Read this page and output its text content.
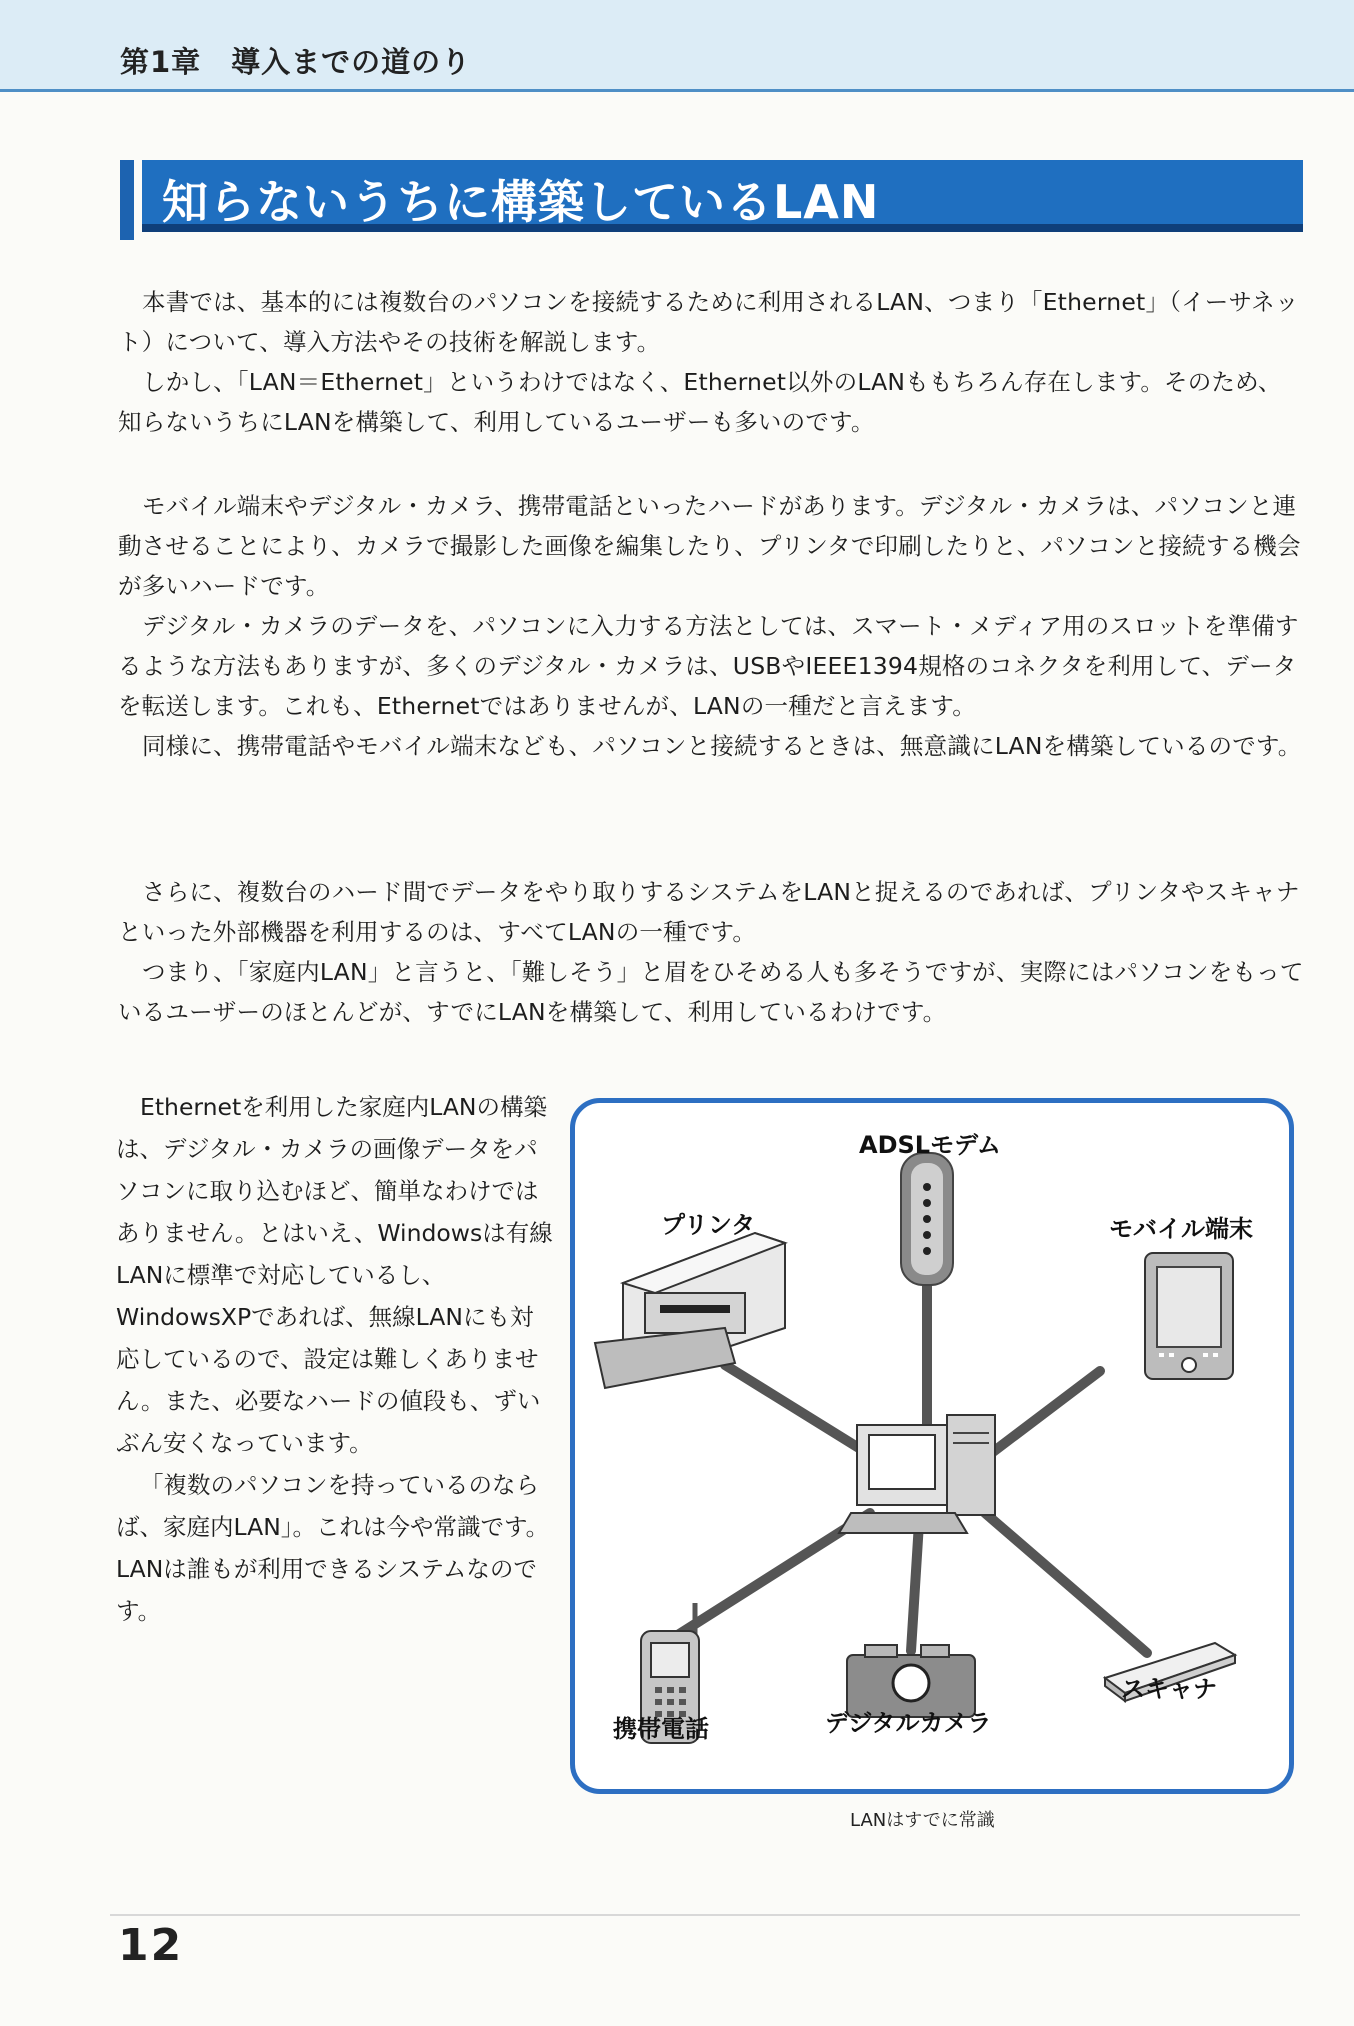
第1章　導入までの道のり
知らないうちに構築しているLAN

本書では、基本的には複数台のパソコンを接続するために利用されるLAN、つまり「Ethernet」（イーサネット）について、導入方法やその技術を解説します。

しかし、「LAN＝Ethernet」というわけではなく、Ethernet以外のLANももちろん存在します。そのため、知らないうちにLANを構築して、利用しているユーザーも多いのです。

モバイル端末やデジタル・カメラ、携帯電話といったハードがあります。デジタル・カメラは、パソコンと連動させることにより、カメラで撮影した画像を編集したり、プリンタで印刷したりと、パソコンと接続する機会が多いハードです。

デジタル・カメラのデータを、パソコンに入力する方法としては、スマート・メディア用のスロットを準備するような方法もありますが、多くのデジタル・カメラは、USBやIEEE1394規格のコネクタを利用して、データを転送します。これも、Ethernetではありませんが、LANの一種だと言えます。

同様に、携帯電話やモバイル端末なども、パソコンと接続するときは、無意識にLANを構築しているのです。

さらに、複数台のハード間でデータをやり取りするシステムをLANと捉えるのであれば、プリンタやスキャナといった外部機器を利用するのは、すべてLANの一種です。

つまり、「家庭内LAN」と言うと、「難しそう」と眉をひそめる人も多そうですが、実際にはパソコンをもっているユーザーのほとんどが、すでにLANを構築して、利用しているわけです。

Ethernetを利用した家庭内LANの構築は、デジタル・カメラの画像データをパソコンに取り込むほど、簡単なわけではありません。とはいえ、Windowsは有線LANに標準で対応しているし、WindowsXPであれば、無線LANにも対応しているので、設定は難しくありません。また、必要なハードの値段も、ずいぶん安くなっています。

「複数のパソコンを持っているのならば、家庭内LAN」。これは今や常識です。LANは誰もが利用できるシステムなのです。

ADSLモデム
プリンタ	モバイル端末
携帯電話	デジタルカメラ
スキャナ
LANはすでに常識
12
